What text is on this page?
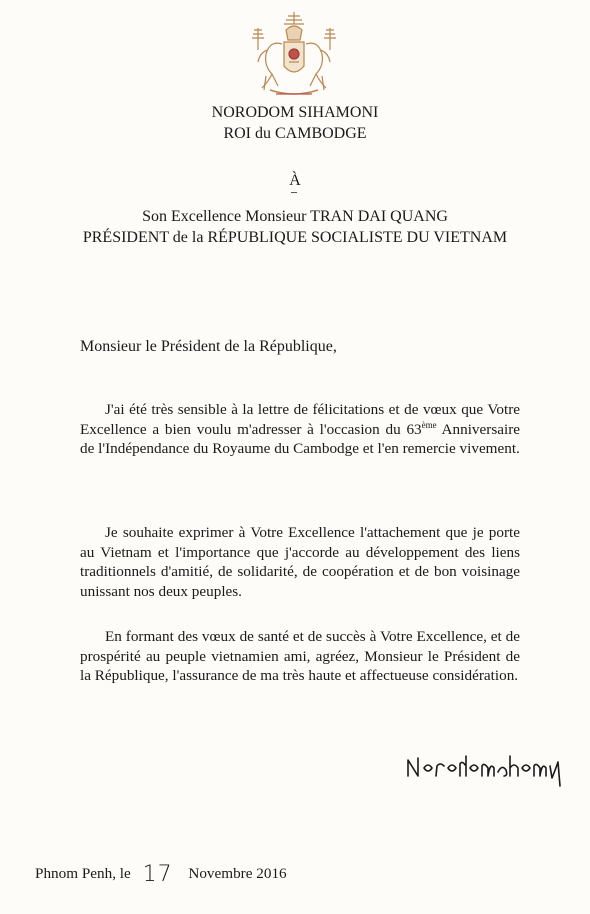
NORODOM SIHAMONI
ROI du CAMBODGE
À
Son Excellence Monsieur TRAN DAI QUANG
PRÉSIDENT de la RÉPUBLIQUE SOCIALISTE DU VIETNAM
Monsieur le Président de la République,

J'ai été très sensible à la lettre de félicitations et de vœux que Votre Excellence a bien voulu m'adresser à l'occasion du 63ème Anniversaire de l'Indépendance du Royaume du Cambodge et l'en remercie vivement.

Je souhaite exprimer à Votre Excellence l'attachement que je porte au Vietnam et l'importance que j'accorde au développement des liens traditionnels d'amitié, de solidarité, de coopération et de bon voisinage unissant nos deux peuples.

En formant des vœux de santé et de succès à Votre Excellence, et de prospérité au peuple vietnamien ami, agréez, Monsieur le Président de la République, l'assurance de ma très haute et affectueuse considération.

Phnom Penh, le 17 Novembre 2016
